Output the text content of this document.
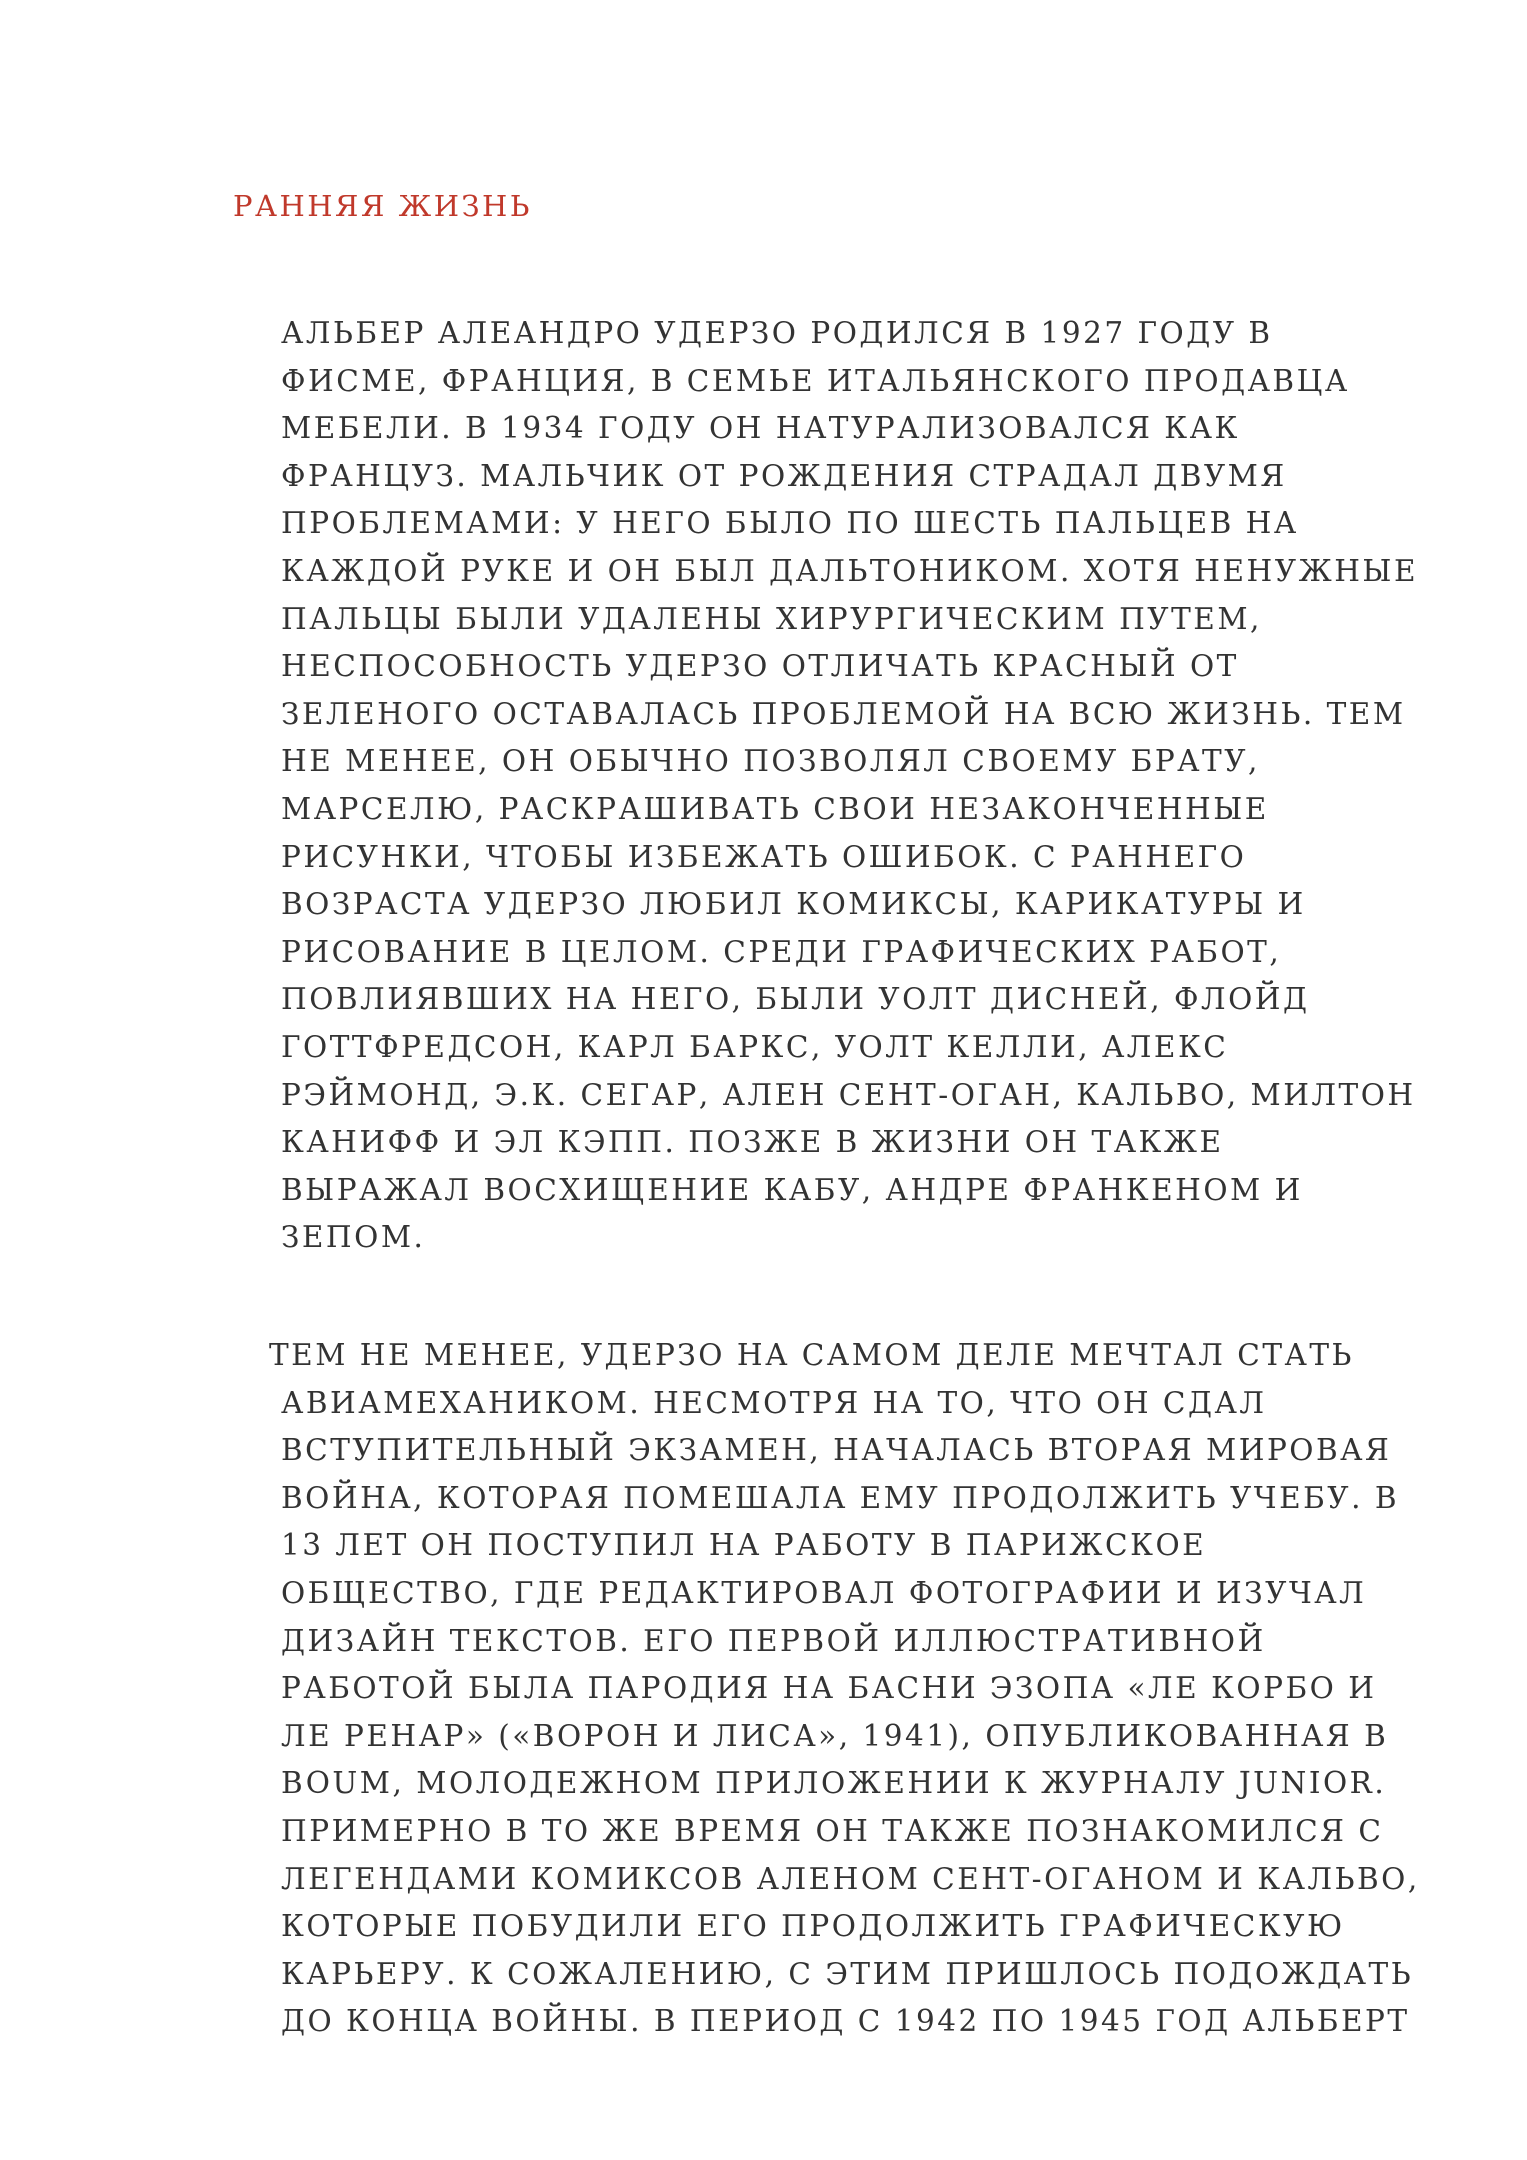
РАННЯЯ ЖИЗНЬ
АЛЬБЕР АЛЕАНДРО УДЕРЗО РОДИЛСЯ В 1927 ГОДУ В
ФИСМЕ, ФРАНЦИЯ, В СЕМЬЕ ИТАЛЬЯНСКОГО ПРОДАВЦА
МЕБЕЛИ. В 1934 ГОДУ ОН НАТУРАЛИЗОВАЛСЯ КАК
ФРАНЦУЗ. МАЛЬЧИК ОТ РОЖДЕНИЯ СТРАДАЛ ДВУМЯ
ПРОБЛЕМАМИ: У НЕГО БЫЛО ПО ШЕСТЬ ПАЛЬЦЕВ НА
КАЖДОЙ РУКЕ И ОН БЫЛ ДАЛЬТОНИКОМ. ХОТЯ НЕНУЖНЫЕ
ПАЛЬЦЫ БЫЛИ УДАЛЕНЫ ХИРУРГИЧЕСКИМ ПУТЕМ,
НЕСПОСОБНОСТЬ УДЕРЗО ОТЛИЧАТЬ КРАСНЫЙ ОТ
ЗЕЛЕНОГО ОСТАВАЛАСЬ ПРОБЛЕМОЙ НА ВСЮ ЖИЗНЬ. ТЕМ
НЕ МЕНЕЕ, ОН ОБЫЧНО ПОЗВОЛЯЛ СВОЕМУ БРАТУ,
МАРСЕЛЮ, РАСКРАШИВАТЬ СВОИ НЕЗАКОНЧЕННЫЕ
РИСУНКИ, ЧТОБЫ ИЗБЕЖАТЬ ОШИБОК. С РАННЕГО
ВОЗРАСТА УДЕРЗО ЛЮБИЛ КОМИКСЫ, КАРИКАТУРЫ И
РИСОВАНИЕ В ЦЕЛОМ. СРЕДИ ГРАФИЧЕСКИХ РАБОТ,
ПОВЛИЯВШИХ НА НЕГО, БЫЛИ УОЛТ ДИСНЕЙ, ФЛОЙД
ГОТТФРЕДСОН, КАРЛ БАРКС, УОЛТ КЕЛЛИ, АЛЕКС
РЭЙМОНД, Э.К. СЕГАР, АЛЕН СЕНТ-ОГАН, КАЛЬВО, МИЛТОН
КАНИФФ И ЭЛ КЭПП. ПОЗЖЕ В ЖИЗНИ ОН ТАКЖЕ
ВЫРАЖАЛ ВОСХИЩЕНИЕ КАБУ, АНДРЕ ФРАНКЕНОМ И
ЗЕПОМ.
ТЕМ НЕ МЕНЕЕ, УДЕРЗО НА САМОМ ДЕЛЕ МЕЧТАЛ СТАТЬ
АВИАМЕХАНИКОМ. НЕСМОТРЯ НА ТО, ЧТО ОН СДАЛ
ВСТУПИТЕЛЬНЫЙ ЭКЗАМЕН, НАЧАЛАСЬ ВТОРАЯ МИРОВАЯ
ВОЙНА, КОТОРАЯ ПОМЕШАЛА ЕМУ ПРОДОЛЖИТЬ УЧЕБУ. В
13 ЛЕТ ОН ПОСТУПИЛ НА РАБОТУ В ПАРИЖСКОЕ
ОБЩЕСТВО, ГДЕ РЕДАКТИРОВАЛ ФОТОГРАФИИ И ИЗУЧАЛ
ДИЗАЙН ТЕКСТОВ. ЕГО ПЕРВОЙ ИЛЛЮСТРАТИВНОЙ
РАБОТОЙ БЫЛА ПАРОДИЯ НА БАСНИ ЭЗОПА «ЛЕ КОРБО И
ЛЕ РЕНАР» («ВОРОН И ЛИСА», 1941), ОПУБЛИКОВАННАЯ В
BOUM, МОЛОДЕЖНОМ ПРИЛОЖЕНИИ К ЖУРНАЛУ JUNIOR.
ПРИМЕРНО В ТО ЖЕ ВРЕМЯ ОН ТАКЖЕ ПОЗНАКОМИЛСЯ С
ЛЕГЕНДАМИ КОМИКСОВ АЛЕНОМ СЕНТ-ОГАНОМ И КАЛЬВО,
КОТОРЫЕ ПОБУДИЛИ ЕГО ПРОДОЛЖИТЬ ГРАФИЧЕСКУЮ
КАРЬЕРУ. К СОЖАЛЕНИЮ, С ЭТИМ ПРИШЛОСЬ ПОДОЖДАТЬ
ДО КОНЦА ВОЙНЫ. В ПЕРИОД С 1942 ПО 1945 ГОД АЛЬБЕРТ
